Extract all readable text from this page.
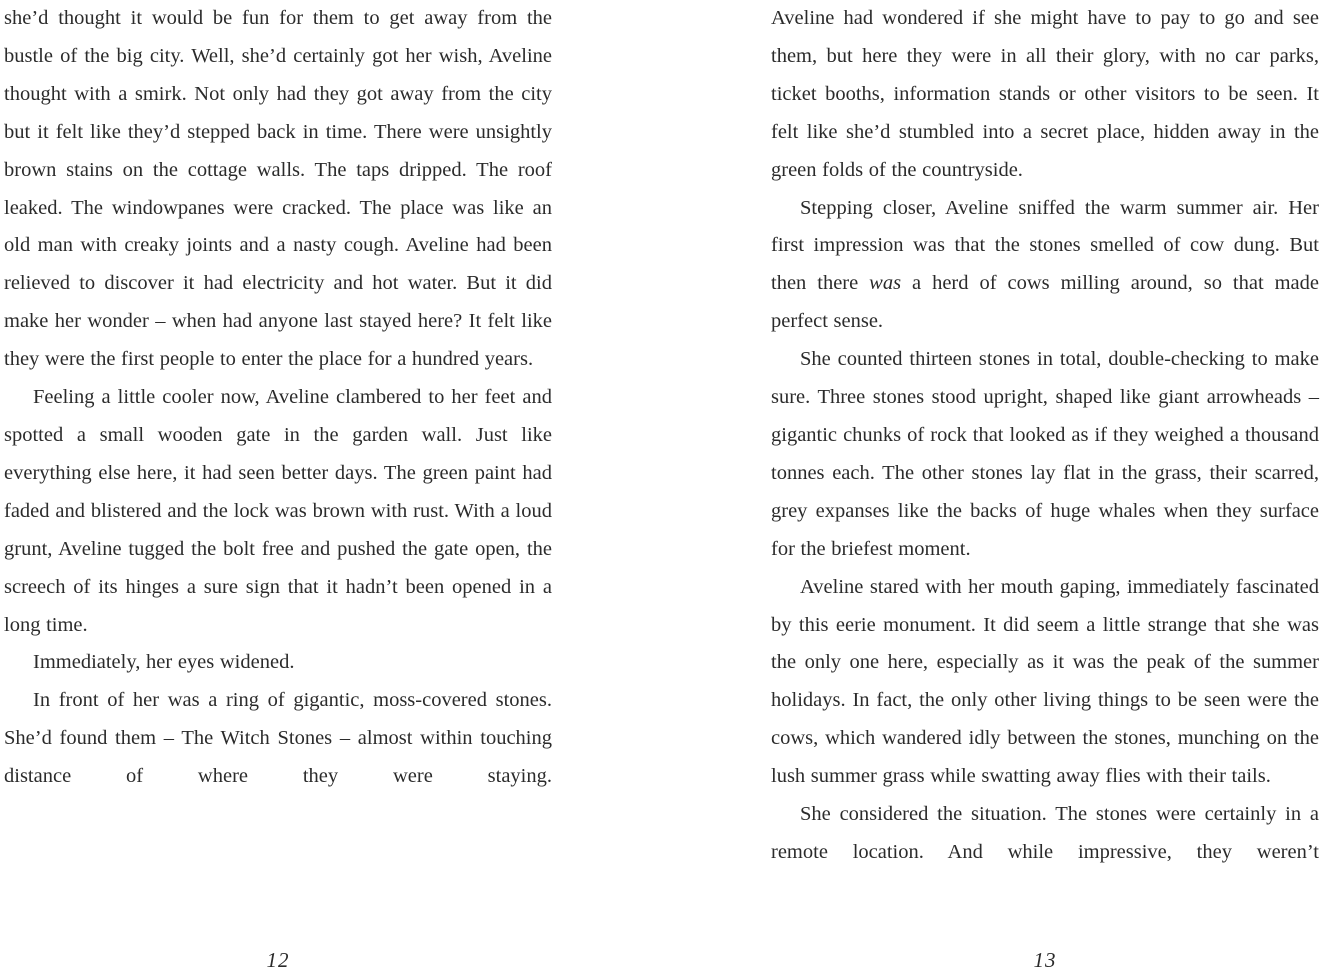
she’d thought it would be fun for them to get away from the bustle of the big city. Well, she’d certainly got her wish, Aveline thought with a smirk. Not only had they got away from the city but it felt like they’d stepped back in time. There were unsightly brown stains on the cottage walls. The taps dripped. The roof leaked. The windowpanes were cracked. The place was like an old man with creaky joints and a nasty cough. Aveline had been relieved to discover it had electricity and hot water. But it did make her wonder – when had anyone last stayed here? It felt like they were the first people to enter the place for a hundred years.

Feeling a little cooler now, Aveline clambered to her feet and spotted a small wooden gate in the garden wall. Just like everything else here, it had seen better days. The green paint had faded and blistered and the lock was brown with rust. With a loud grunt, Aveline tugged the bolt free and pushed the gate open, the screech of its hinges a sure sign that it hadn’t been opened in a long time.

Immediately, her eyes widened.

In front of her was a ring of gigantic, moss-covered stones. She’d found them – The Witch Stones – almost within touching distance of where they were staying.

Aveline had wondered if she might have to pay to go and see them, but here they were in all their glory, with no car parks, ticket booths, information stands or other visitors to be seen. It felt like she’d stumbled into a secret place, hidden away in the green folds of the countryside.

Stepping closer, Aveline sniffed the warm summer air. Her first impression was that the stones smelled of cow dung. But then there was a herd of cows milling around, so that made perfect sense.

She counted thirteen stones in total, double-checking to make sure. Three stones stood upright, shaped like giant arrowheads – gigantic chunks of rock that looked as if they weighed a thousand tonnes each. The other stones lay flat in the grass, their scarred, grey expanses like the backs of huge whales when they surface for the briefest moment.

Aveline stared with her mouth gaping, immediately fascinated by this eerie monument. It did seem a little strange that she was the only one here, especially as it was the peak of the summer holidays. In fact, the only other living things to be seen were the cows, which wandered idly between the stones, munching on the lush summer grass while swatting away flies with their tails.

She considered the situation. The stones were certainly in a remote location. And while impressive, they weren’t

12	13
